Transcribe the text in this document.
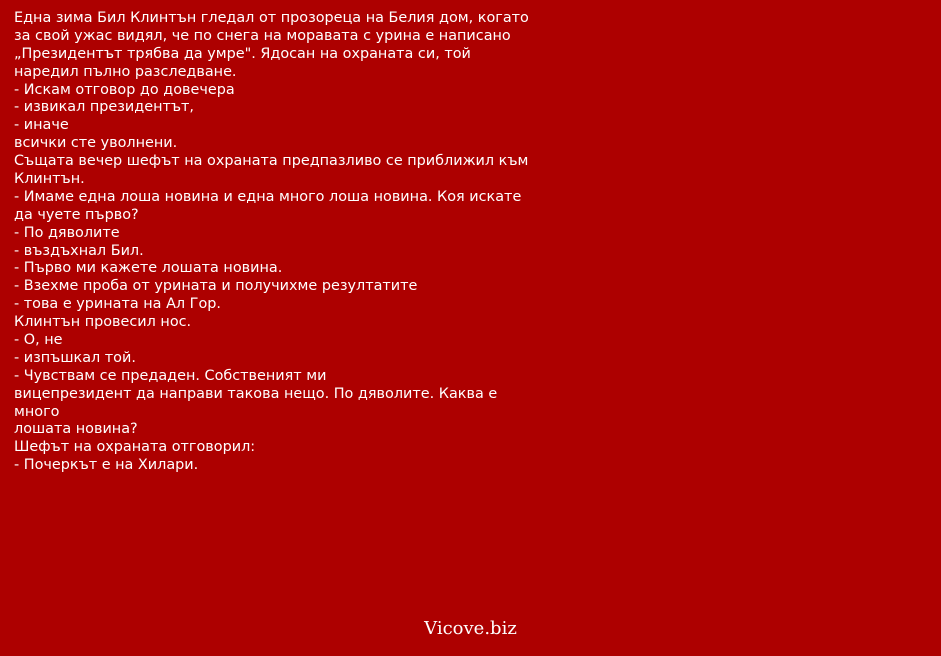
Една зима Бил Клинтън гледал от прозореца на Белия дом, когато
за свой ужас видял, че по снега на моравата с урина е написано
„Президентът трябва да умре". Ядосан на охраната си, той
наредил пълно разследване.
- Искам отговор до довечера
- извикал президентът,
- иначе
всички сте уволнени.
Същата вечер шефът на охраната предпазливо се приближил към
Клинтън.
- Имаме една лоша новина и една много лоша новина. Коя искате
да чуете първо?
- По дяволите
- въздъхнал Бил.
- Първо ми кажете лошата новина.
- Взехме проба от урината и получихме резултатите
- това е урината на Ал Гор.
Клинтън провесил нос.
- О, не
- изпъшкал той.
- Чувствам се предаден. Собственият ми
вицепрезидент да направи такова нещо. По дяволите. Каква е
много
лошата новина?
Шефът на охраната отговорил:
- Почеркът е на Хилари.
Vicove.biz
